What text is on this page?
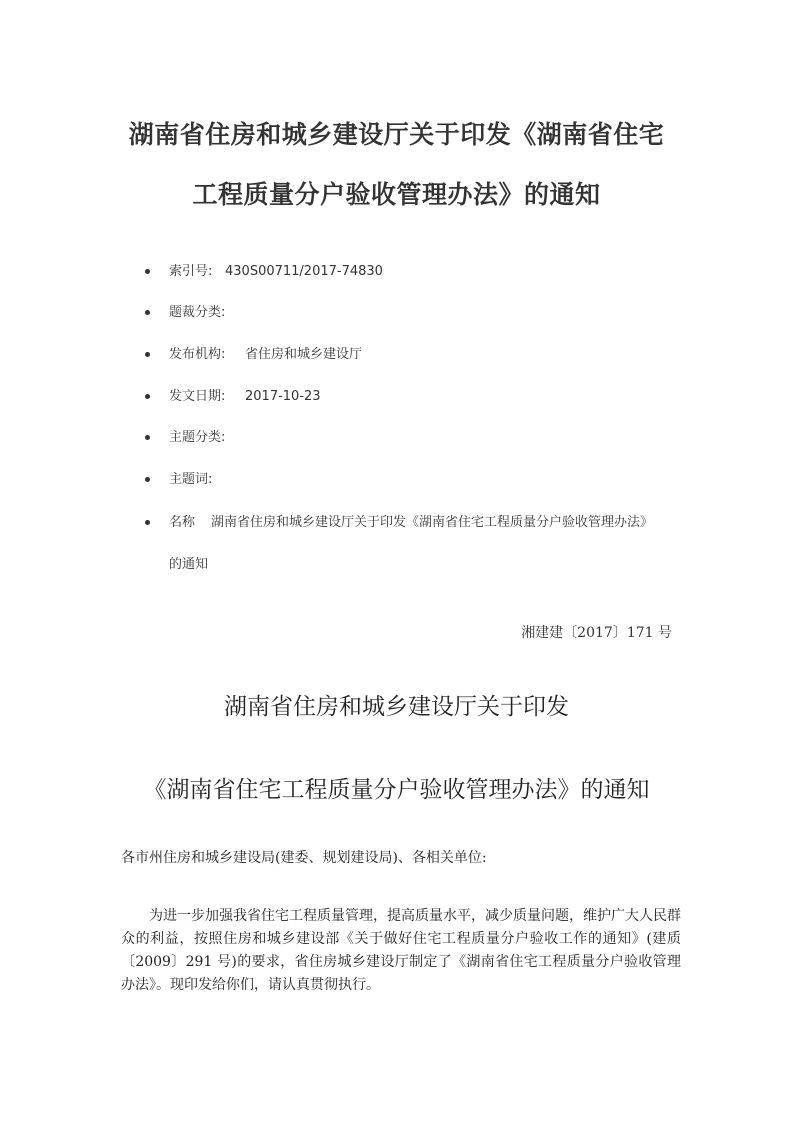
湖南省住房和城乡建设厅关于印发《湖南省住宅
工程质量分户验收管理办法》的通知
索引号: 430S00711/2017-74830
题裁分类:
发布机构: 省住房和城乡建设厅
发文日期: 2017-10-23
主题分类:
主题词:
名称 湖南省住房和城乡建设厅关于印发《湖南省住宅工程质量分户验收管理办法》
的通知
湘建建〔2017〕171 号
湖南省住房和城乡建设厅关于印发
《湖南省住宅工程质量分户验收管理办法》的通知
各市州住房和城乡建设局(建委、规划建设局)、各相关单位:

为进一步加强我省住宅工程质量管理，提高质量水平，减少质量问题，维护广大人民群众的利益，按照住房和城乡建设部《关于做好住宅工程质量分户验收工作的通知》(建质〔2009〕291 号)的要求，省住房城乡建设厅制定了《湖南省住宅工程质量分户验收管理办法》。现印发给你们，请认真贯彻执行。
